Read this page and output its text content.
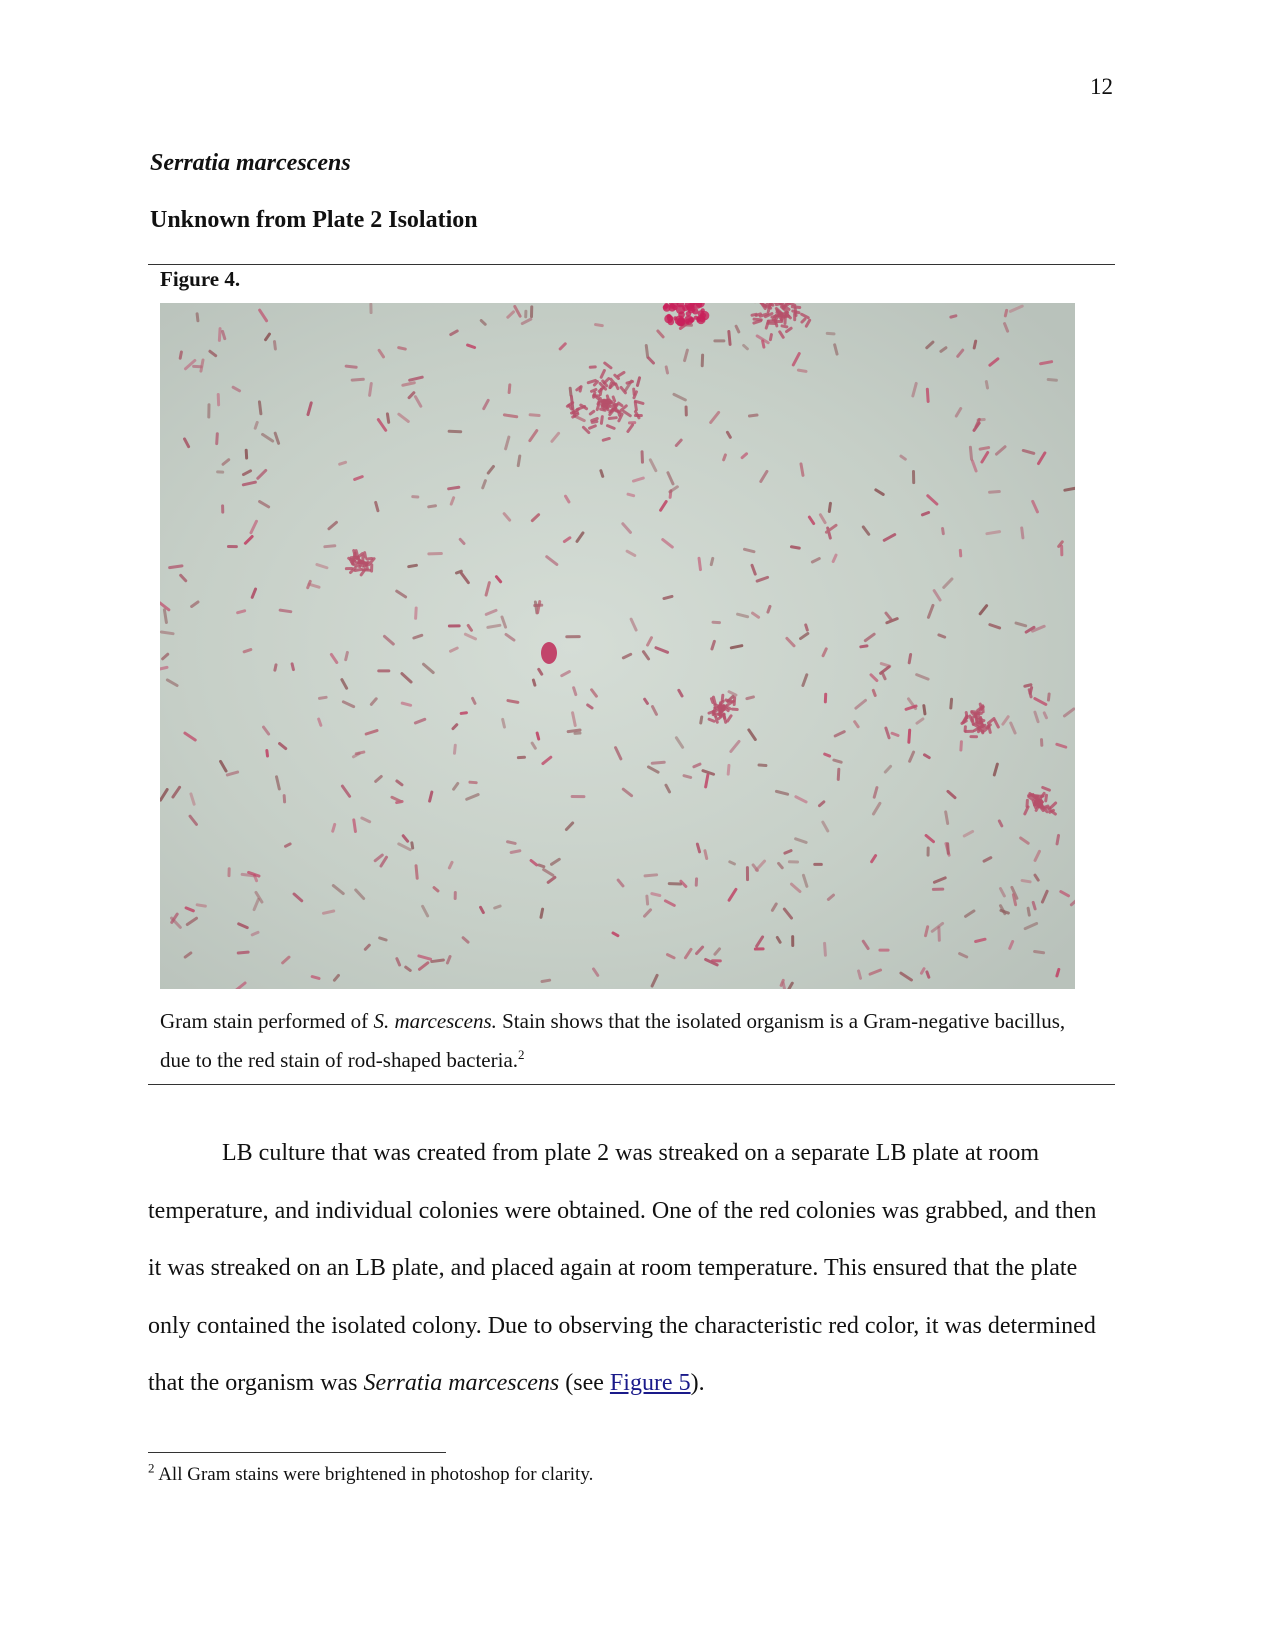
12
Serratia marcescens
Unknown from Plate 2 Isolation
Figure 4.

Gram stain performed of S. marcescens. Stain shows that the isolated organism is a Gram-negative bacillus, due to the red stain of rod-shaped bacteria.$^2$

LB culture that was created from plate 2 was streaked on a separate LB plate at room temperature, and individual colonies were obtained. One of the red colonies was grabbed, and then it was streaked on an LB plate, and placed again at room temperature. This ensured that the plate only contained the isolated colony. Due to observing the characteristic red color, it was determined that the organism was Serratia marcescens (see Figure 5).

$^2$ All Gram stains were brightened in photoshop for clarity.
